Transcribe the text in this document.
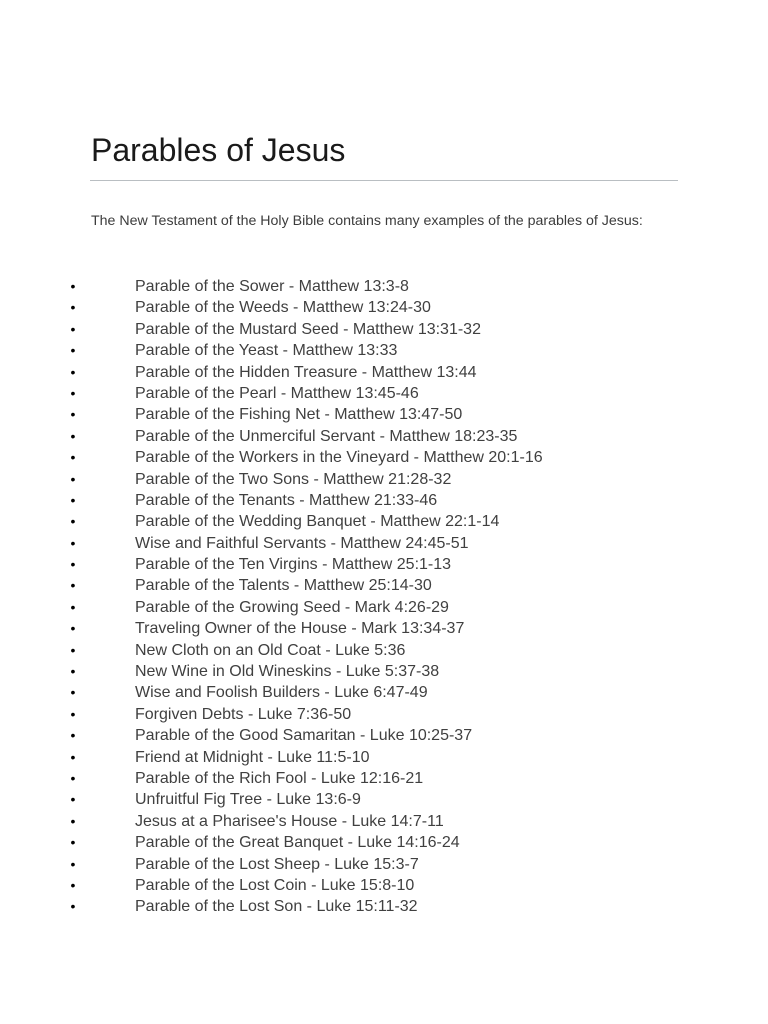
Parables of Jesus

The New Testament of the Holy Bible contains many examples of the parables of Jesus:

•	Parable of the Sower - Matthew 13:3-8
•	Parable of the Weeds - Matthew 13:24-30
•	Parable of the Mustard Seed - Matthew 13:31-32
•	Parable of the Yeast - Matthew 13:33
•	Parable of the Hidden Treasure - Matthew 13:44
•	Parable of the Pearl - Matthew 13:45-46
•	Parable of the Fishing Net - Matthew 13:47-50
•	Parable of the Unmerciful Servant - Matthew 18:23-35
•	Parable of the Workers in the Vineyard - Matthew 20:1-16
•	Parable of the Two Sons - Matthew 21:28-32
•	Parable of the Tenants - Matthew 21:33-46
•	Parable of the Wedding Banquet - Matthew 22:1-14
•	Wise and Faithful Servants - Matthew 24:45-51
•	Parable of the Ten Virgins - Matthew 25:1-13
•	Parable of the Talents - Matthew 25:14-30
•	Parable of the Growing Seed - Mark 4:26-29
•	Traveling Owner of the House - Mark 13:34-37
•	New Cloth on an Old Coat - Luke 5:36
•	New Wine in Old Wineskins - Luke 5:37-38
•	Wise and Foolish Builders - Luke 6:47-49
•	Forgiven Debts - Luke 7:36-50
•	Parable of the Good Samaritan - Luke 10:25-37
•	Friend at Midnight - Luke 11:5-10
•	Parable of the Rich Fool - Luke 12:16-21
•	Unfruitful Fig Tree - Luke 13:6-9
•	Jesus at a Pharisee's House - Luke 14:7-11
•	Parable of the Great Banquet - Luke 14:16-24
•	Parable of the Lost Sheep - Luke 15:3-7
•	Parable of the Lost Coin - Luke 15:8-10
•	Parable of the Lost Son - Luke 15:11-32
